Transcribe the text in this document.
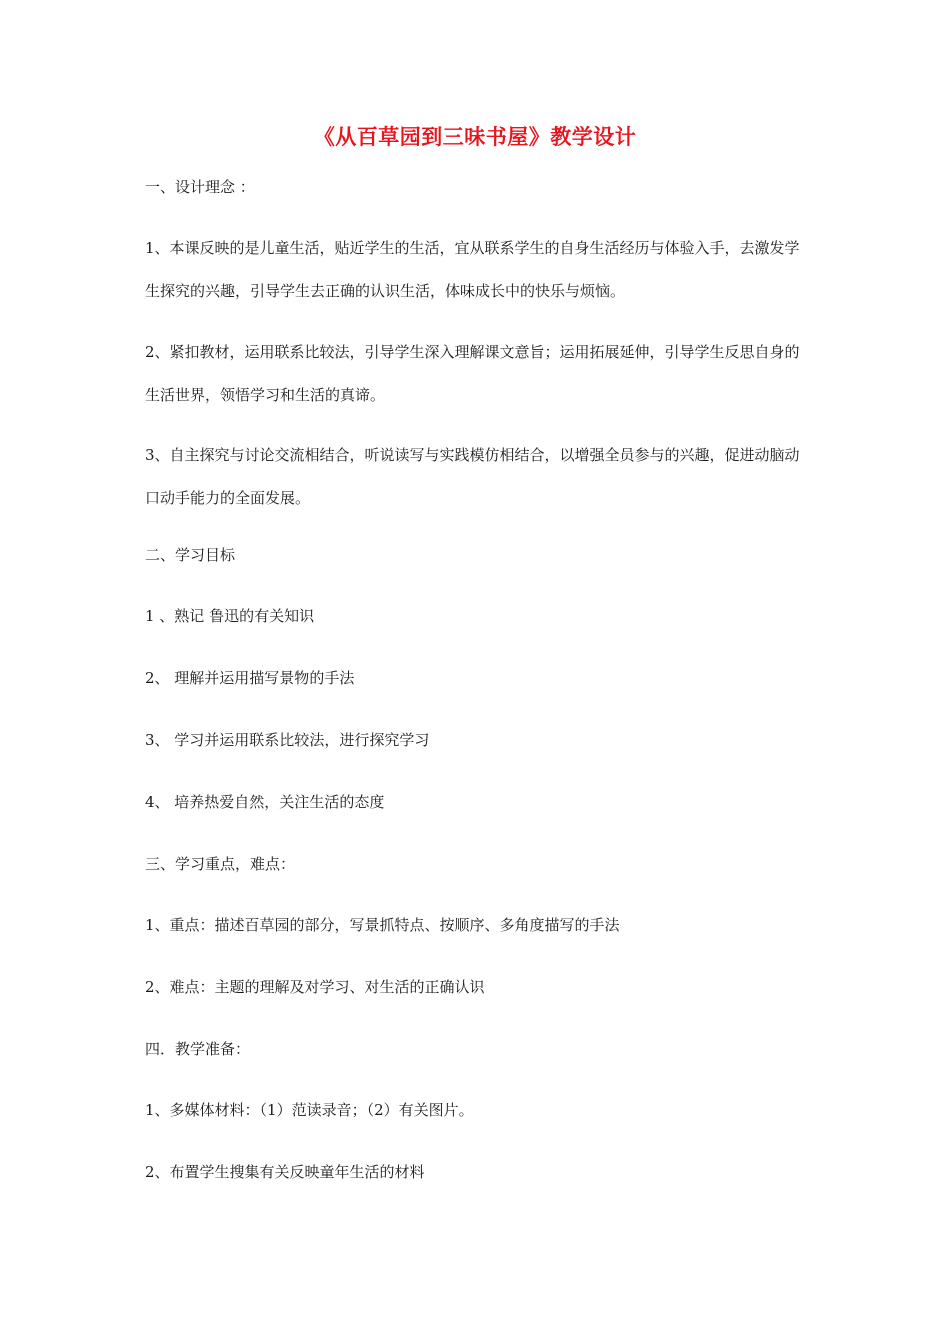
《从百草园到三味书屋》教学设计
一、设计理念 ：
1、本课反映的是儿童生活，贴近学生的生活，宜从联系学生的自身生活经历与体验入手，去激发学生探究的兴趣，引导学生去正确的认识生活，体味成长中的快乐与烦恼。
2、紧扣教材，运用联系比较法，引导学生深入理解课文意旨；运用拓展延伸，引导学生反思自身的生活世界，领悟学习和生活的真谛。
3、自主探究与讨论交流相结合，听说读写与实践模仿相结合，以增强全员参与的兴趣，促进动脑动口动手能力的全面发展。
二、学习目标
1 、熟记 鲁迅的有关知识
2、 理解并运用描写景物的手法
3、 学习并运用联系比较法，进行探究学习
4、 培养热爱自然，关注生活的态度
三、学习重点，难点：
1、重点：描述百草园的部分，写景抓特点、按顺序、多角度描写的手法
2、难点：主题的理解及对学习、对生活的正确认识
四．教学准备：
1、多媒体材料：（1）范读录音；（2）有关图片。
2、布置学生搜集有关反映童年生活的材料
